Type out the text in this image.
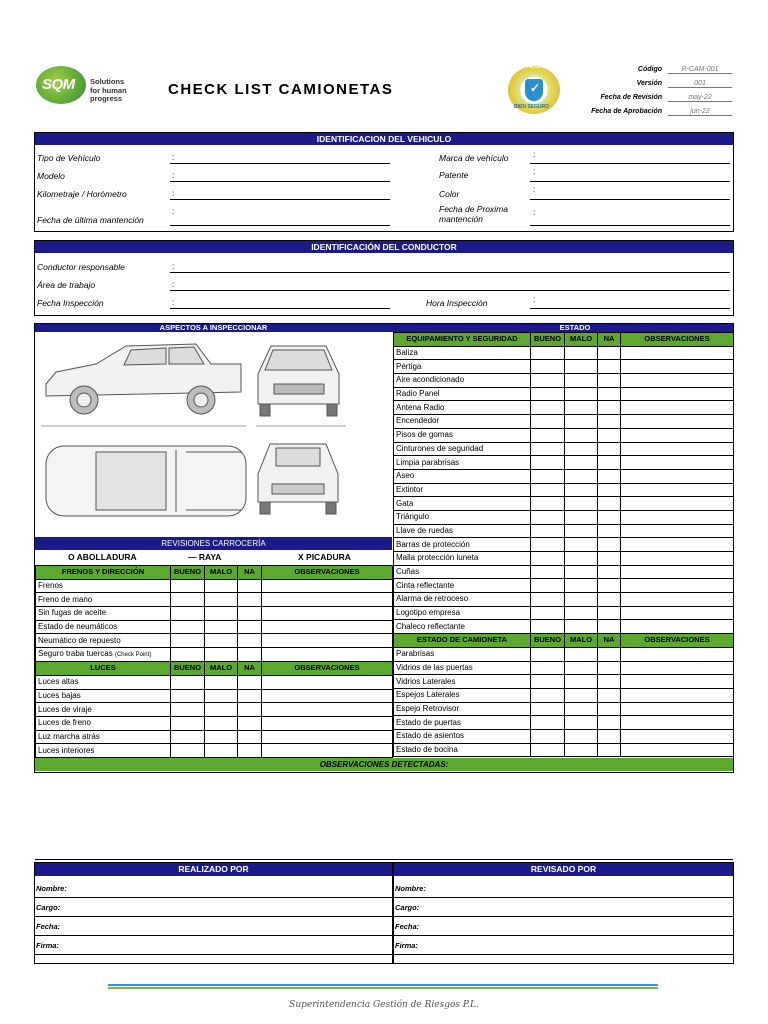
SQM Solutions
for human
progress
CHECK LIST CAMIONETAS	✓
SIEN HECHO
BIEN SEGURO
Código	R-CAM-001
Versión	001
Fecha de Revisión	may-22
Fecha de Aprobación	jun-22
IDENTIFICACION DEL VEHICULO
Tipo de Vehículo	:
Modelo	:
Kilometraje / Horómetro	:
Fecha de última mantención
:
Marca de vehículo	:
Patente	:
Color	:
Fecha de Proxima mantención
:
IDENTIFICACIÓN DEL CONDUCTOR
Conductor responsable	:
Área de trabajo	:
Fecha Inspección	:	Hora Inspección	:
ASPECTOS A INSPECCIONAR	ESTADO
REVISIONES CARROCERÍA
O ABOLLADURA	— RAYA	X PICADURA
FRENOS Y DIRECCIÓN	BUENO	MALO	NA	OBSERVACIONES
Frenos				
Freno de mano				
Sin fugas de aceite				
Estado de neumáticos				
Neumático de repuesto				
Seguro traba tuercas (Check Point)				
LUCES	BUENO	MALO	NA	OBSERVACIONES
Luces altas				
Luces bajas				
Luces de viraje				
Luces de freno				
Luz marcha atrás				
Luces interiores				
EQUIPAMIENTO Y SEGURIDAD	BUENO	MALO	NA	OBSERVACIONES
Baliza				
Pértiga				
Aire acondicionado				
Radio Panel				
Antena Radio				
Encendedor				
Pisos de gomas				
Cinturones de seguridad				
Limpia parabrisas				
Aseo				
Extintor				
Gata				
Triángulo				
Llave de ruedas				
Barras de protección				
Malla protección luneta				
Cuñas				
Cinta reflectante				
Alarma de retroceso				
Logotipo empresa				
Chaleco reflectante				
ESTADO DE CAMIONETA	BUENO	MALO	NA	OBSERVACIONES
Parabrisas				
Vidrios de las puertas				
Vidrios Laterales				
Espejos Laterales				
Espejo Retrovisor				
Estado de puertas				
Estado de asientos				
Estado de bocina				
OBSERVACIONES DETECTADAS:
REALIZADO POR	REVISADO POR
Nombre:
Cargo:
Fecha:
Firma:
Nombre:
Cargo:
Fecha:
Firma:
Superintendencia Gestión de Riesgos P.L.
